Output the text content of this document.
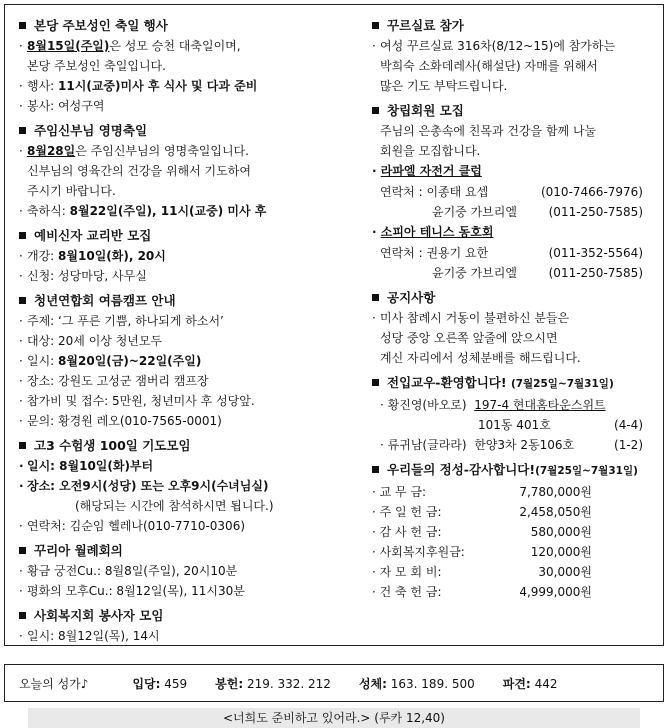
본당 주보성인 축일 행사
· 8월15일(주일)은 성모 승천 대축일이며,
본당 주보성인 축일입니다.
· 행사: 11시(교중)미사 후 식사 및 다과 준비
· 봉사: 여성구역
주임신부님 영명축일
· 8월28일은 주임신부님의 영명축일입니다.
신부님의 영육간의 건강을 위해서 기도하여
주시기 바랍니다.
· 축하식: 8월22일(주일), 11시(교중) 미사 후
예비신자 교리반 모집
· 개강: 8월10일(화), 20시
· 신청: 성당마당, 사무실
청년연합회 여름캠프 안내
· 주제: ‘그 푸른 기쁨, 하나되게 하소서’
· 대상: 20세 이상 청년모두
· 일시: 8월20일(금)~22일(주일)
· 장소: 강원도 고성군 잼버리 캠프장
· 참가비 및 접수: 5만원, 청년미사 후 성당앞.
· 문의: 황경원 레오(010-7565-0001)
고3 수험생 100일 기도모임
· 일시: 8월10일(화)부터
· 장소: 오전9시(성당) 또는 오후9시(수녀님실)
(해당되는 시간에 참석하시면 됩니다.)
· 연락처: 김순임 헬레나(010-7710-0306)
꾸리아 월례회의
· 황금 궁전Cu.: 8월8일(주일), 20시10분
· 평화의 모후Cu.: 8월12일(목), 11시30분
사회복지회 봉사자 모임
· 일시: 8월12일(목), 14시
꾸르실료 참가
· 여성 꾸르실료 316차(8/12~15)에 참가하는
박희숙 소화데레사(해설단) 자매를 위해서
많은 기도 부탁드립니다.
창립회원 모집
주님의 은총속에 친목과 건강을 함께 나눌
회원을 모집합니다.
· 라파엘 자전거 클럽
연락처 : 이종태 요셉	(010-7466-7976)
윤기중 가브리엘	(011-250-7585)
· 소피아 테니스 동호회
연락처 : 권용기 요한	(011-352-5564)
윤기중 가브리엘	(011-250-7585)
공지사항
· 미사 참례시 거동이 불편하신 분들은
성당 중앙 오른쪽 앞줄에 앉으시면
계신 자리에서 성체분배를 해드립니다.
전입교우-환영합니다! (7월25일~7월31일)
· 황진영(바오로) 197-4 현대홈타운스위트
101동 401호	(4-4)
· 류귀남(글라라) 한양3차 2동106호	(1-2)
우리들의 정성-감사합니다!(7월25일~7월31일)
· 교 무 금:	7,780,000원
· 주 일 헌 금:	2,458,050원
· 감 사 헌 금:	580,000원
· 사회복지후원금:	120,000원
· 자 모 회 비:	30,000원
· 건 축 헌 금:	4,999,000원
오늘의 성가♪	입당: 459 봉헌: 219. 332. 212 성체: 163. 189. 500 파견: 442
<너희도 준비하고 있어라.> (루카 12,40)
